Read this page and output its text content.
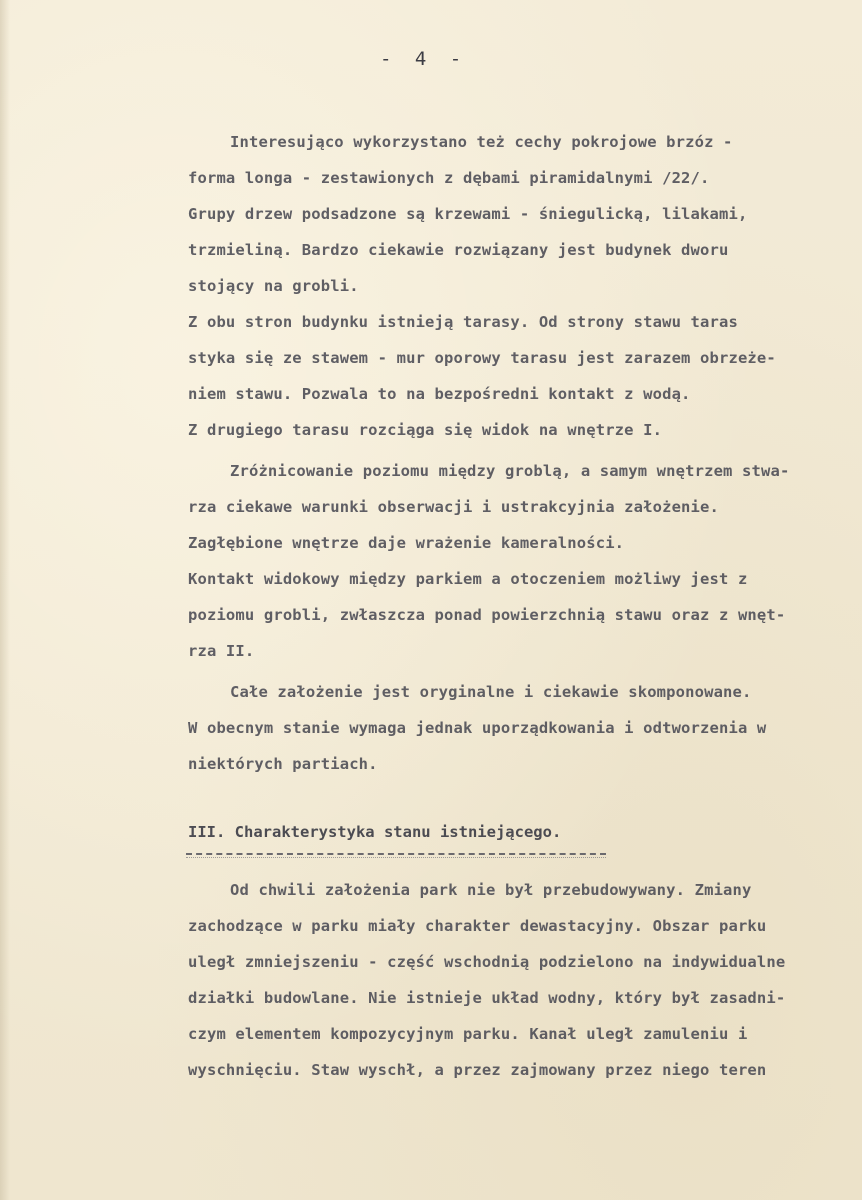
- 4 -
Interesująco wykorzystano też cechy pokrojowe brzóz -
forma longa - zestawionych z dębami piramidalnymi /22/.
Grupy drzew podsadzone są krzewami - śniegulicką, lilakami,
trzmieliną. Bardzo ciekawie rozwiązany jest budynek dworu
stojący na grobli.
Z obu stron budynku istnieją tarasy. Od strony stawu taras
styka się ze stawem - mur oporowy tarasu jest zarazem obrzeże-
niem stawu. Pozwala to na bezpośredni kontakt z wodą.
Z drugiego tarasu rozciąga się widok na wnętrze I.
Zróżnicowanie poziomu między groblą, a samym wnętrzem stwa-
rza ciekawe warunki obserwacji i ustrakcyjnia założenie.
Zagłębione wnętrze daje wrażenie kameralności.
Kontakt widokowy między parkiem a otoczeniem możliwy jest z
poziomu grobli, zwłaszcza ponad powierzchnią stawu oraz z wnęt-
rza II.
Całe założenie jest oryginalne i ciekawie skomponowane.
W obecnym stanie wymaga jednak uporządkowania i odtworzenia w
niektórych partiach.
III. Charakterystyka stanu istniejącego.
Od chwili założenia park nie był przebudowywany. Zmiany
zachodzące w parku miały charakter dewastacyjny. Obszar parku
uległ zmniejszeniu - część wschodnią podzielono na indywidualne
działki budowlane. Nie istnieje układ wodny, który był zasadni-
czym elementem kompozycyjnym parku. Kanał uległ zamuleniu i
wyschnięciu. Staw wyschł, a przez zajmowany przez niego teren
